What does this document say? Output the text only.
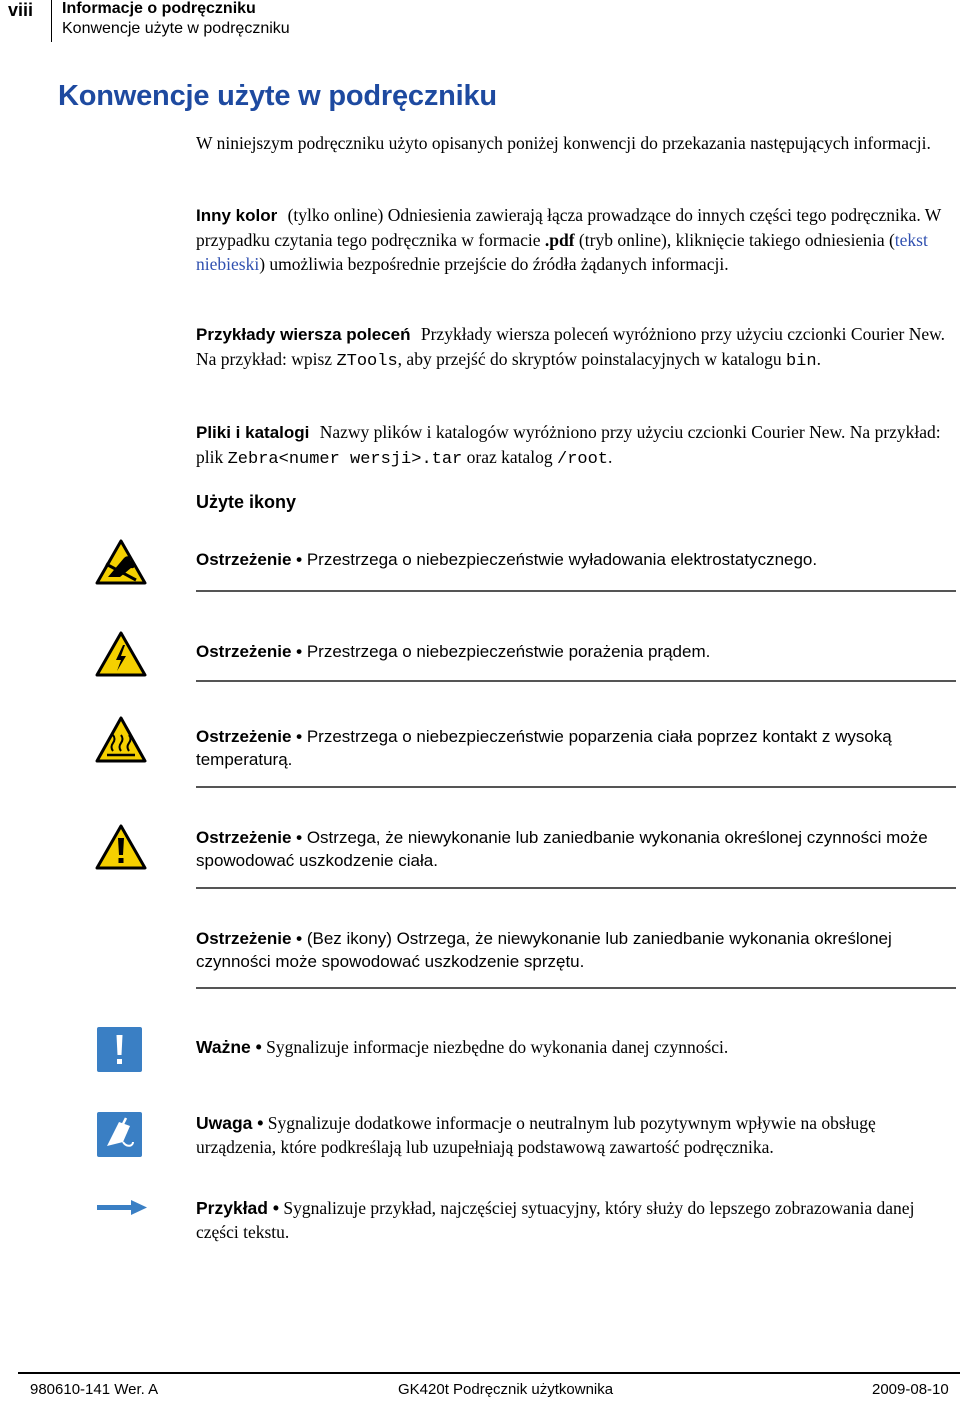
viii Informacje o podręczniku
Konwencje użyte w podręczniku
Konwencje użyte w podręczniku

W niniejszym podręczniku użyto opisanych poniżej konwencji do przekazania następujących informacji.

Inny kolor (tylko online) Odniesienia zawierają łącza prowadzące do innych części tego podręcznika. W przypadku czytania tego podręcznika w formacie .pdf (tryb online), kliknięcie takiego odniesienia (tekst niebieski) umożliwia bezpośrednie przejście do źródła żądanych informacji.

Przykłady wiersza poleceń Przykłady wiersza poleceń wyróżniono przy użyciu czcionki Courier New. Na przykład: wpisz ZTools, aby przejść do skryptów poinstalacyjnych w katalogu bin.

Pliki i katalogi Nazwy plików i katalogów wyróżniono przy użyciu czcionki Courier New. Na przykład: plik Zebra<numer wersji>.tar oraz katalog /root.

Użyte ikony

Ostrzeżenie • Przestrzega o niebezpieczeństwie wyładowania elektrostatycznego.

Ostrzeżenie • Przestrzega o niebezpieczeństwie porażenia prądem.

Ostrzeżenie • Przestrzega o niebezpieczeństwie poparzenia ciała poprzez kontakt z wysoką temperaturą.

Ostrzeżenie • Ostrzega, że niewykonanie lub zaniedbanie wykonania określonej czynności może spowodować uszkodzenie ciała.

Ostrzeżenie • (Bez ikony) Ostrzega, że niewykonanie lub zaniedbanie wykonania określonej czynności może spowodować uszkodzenie sprzętu.

Ważne • Sygnalizuje informacje niezbędne do wykonania danej czynności.

Uwaga • Sygnalizuje dodatkowe informacje o neutralnym lub pozytywnym wpływie na obsługę urządzenia, które podkreślają lub uzupełniają podstawową zawartość podręcznika.

Przykład • Sygnalizuje przykład, najczęściej sytuacyjny, który służy do lepszego zobrazowania danej części tekstu.

980610-141 Wer. A	GK420t Podręcznik użytkownika	2009-08-10
